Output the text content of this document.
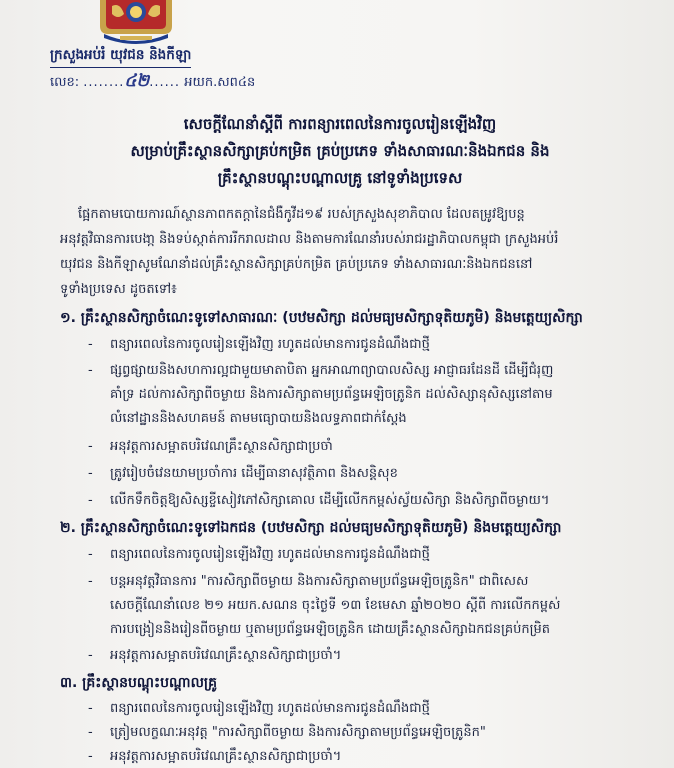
ក្រសួងអប់រំ យុវជន និងកីឡា
លេខ: ........៤២...... អយក.សព៤ន
សេចក្តីណែនាំស្តីពី ការពន្យារពេលនៃការចូលរៀនឡើងវិញ
សម្រាប់គ្រឹះស្ថានសិក្សាគ្រប់កម្រិត គ្រប់ប្រភេទ ទាំងសាធារណៈនិងឯកជន និង
គ្រឹះស្ថានបណ្តុះបណ្តាលគ្រូ នៅទូទាំងប្រទេស
ផ្អែកតាមបោយការណ៍ស្ថានភាពកតក្តានៃជំងឺកូវីដ១៩ របស់ក្រសួងសុខាភិបាល ដែលតម្រូវឱ្យបន្ត
អនុវត្តវិធានការបេងា្ក និងទប់ស្កាត់ការរីករាលដាល និងតាមការណែនាំរបស់រាជរដ្ឋាភិបាលកម្ពុជា ក្រសួងអប់រំ
យុវជន និងកីឡាសូមណែនាំដល់គ្រឹះស្ថានសិក្សាគ្រប់កម្រិត គ្រប់ប្រភេទ ទាំងសាធារណៈនិងឯកជននៅ
ទូទាំងប្រទេស ដូចតទៅ៖
១. គ្រឹះស្ថានសិក្សាចំណេះទូទៅសាធារណៈ (បឋមសិក្សា ដល់មធ្យមសិក្សាទុតិយភូមិ) និងមត្តេយ្យសិក្សា
- ពន្យារពេលនៃការចូលរៀនឡើងវិញ រហូតដល់មានការជូនដំណឹងជាថ្មី
- ផ្សព្វផ្សាយនិងសហការល្អជាមួយមាតាបិតា អ្នកអាណាព្យាបាលសិស្ស អាជ្ញាធរដែនដី ដើម្បីជំរុញ
គាំទ្រ ដល់ការសិក្សាពីចម្ងាយ និងការសិក្សាតាមប្រព័ន្ធអេឡិចត្រូនិក ដល់សិស្សានុសិស្សនៅតាម
លំនៅដ្ឋាននិងសហគមន៍ តាមមធ្យោបាយនិងលទ្ធភាពជាក់ស្តែង
- អនុវត្តការសម្អាតបរិវេណគ្រឹះស្ថានសិក្សាជាប្រចាំ
- ត្រូវរៀបចំវេនយាមប្រចាំការ ដើម្បីធានាសុវត្ថិភាព និងសន្តិសុខ
- លើកទឹកចិត្តឱ្យសិស្សខ្ចីសៀវភៅសិក្សាគោល ដើម្បីលើកកម្ពស់ស្វ័យសិក្សា និងសិក្សាពីចម្ងាយ។
២. គ្រឹះស្ថានសិក្សាចំណេះទូទៅឯកជន (បឋមសិក្សា ដល់មធ្យមសិក្សាទុតិយភូមិ) និងមត្តេយ្យសិក្សា
- ពន្យារពេលនៃការចូលរៀនឡើងវិញ រហូតដល់មានការជូនដំណឹងជាថ្មី
- បន្តអនុវត្តវិធានការ "ការសិក្សាពីចម្ងាយ និងការសិក្សាតាមប្រព័ន្ធអេឡិចត្រូនិក" ជាពិសេស
សេចក្តីណែនាំលេខ ២១ អយក.សណន ចុះថ្ងៃទី ១៣ ខែមេសា ឆ្នាំ២០២០ ស្តីពី ការលើកកម្ពស់
ការបង្រៀននិងរៀនពីចម្ងាយ ឬតាមប្រព័ន្ធអេឡិចត្រូនិក ដោយគ្រឹះស្ថានសិក្សាឯកជនគ្រប់កម្រិត
- អនុវត្តការសម្អាតបរិវេណគ្រឹះស្ថានសិក្សាជាប្រចាំ។
៣. គ្រឹះស្ថានបណ្តុះបណ្តាលគ្រូ
- ពន្យារពេលនៃការចូលរៀនឡើងវិញ រហូតដល់មានការជូនដំណឹងជាថ្មី
- ត្រៀមលក្ខណៈអនុវត្ត "ការសិក្សាពីចម្ងាយ និងការសិក្សាតាមប្រព័ន្ធអេឡិចត្រូនិក"
- អនុវត្តការសម្អាតបរិវេណគ្រឹះស្ថានសិក្សាជាប្រចាំ។
